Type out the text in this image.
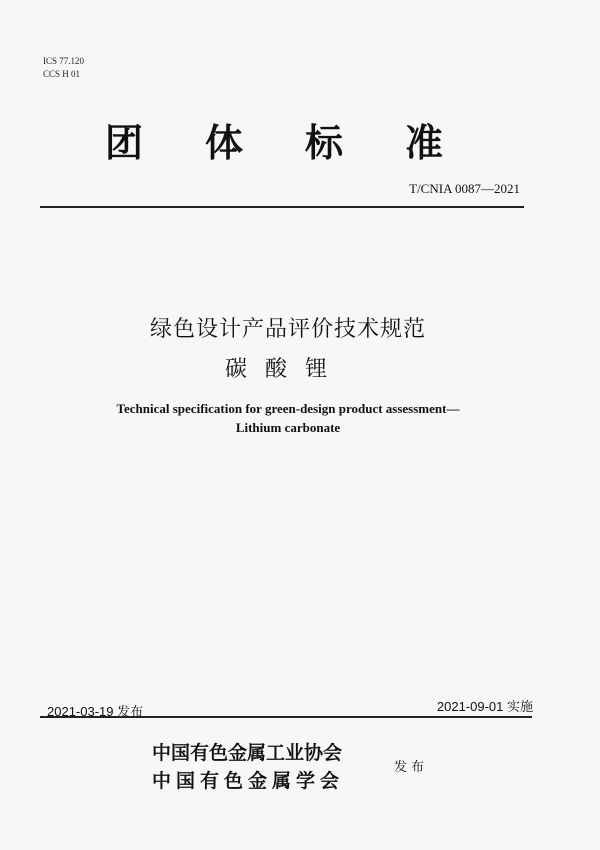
ICS 77.120
CCS H 01
团体标准
T/CNIA 0087—2021
绿色设计产品评价技术规范
碳酸锂
Technical specification for green-design product assessment—
Lithium carbonate
2021-03-19 发布	2021-09-01 实施
中国有色金属工业协会
中国有色金属学会
发布
